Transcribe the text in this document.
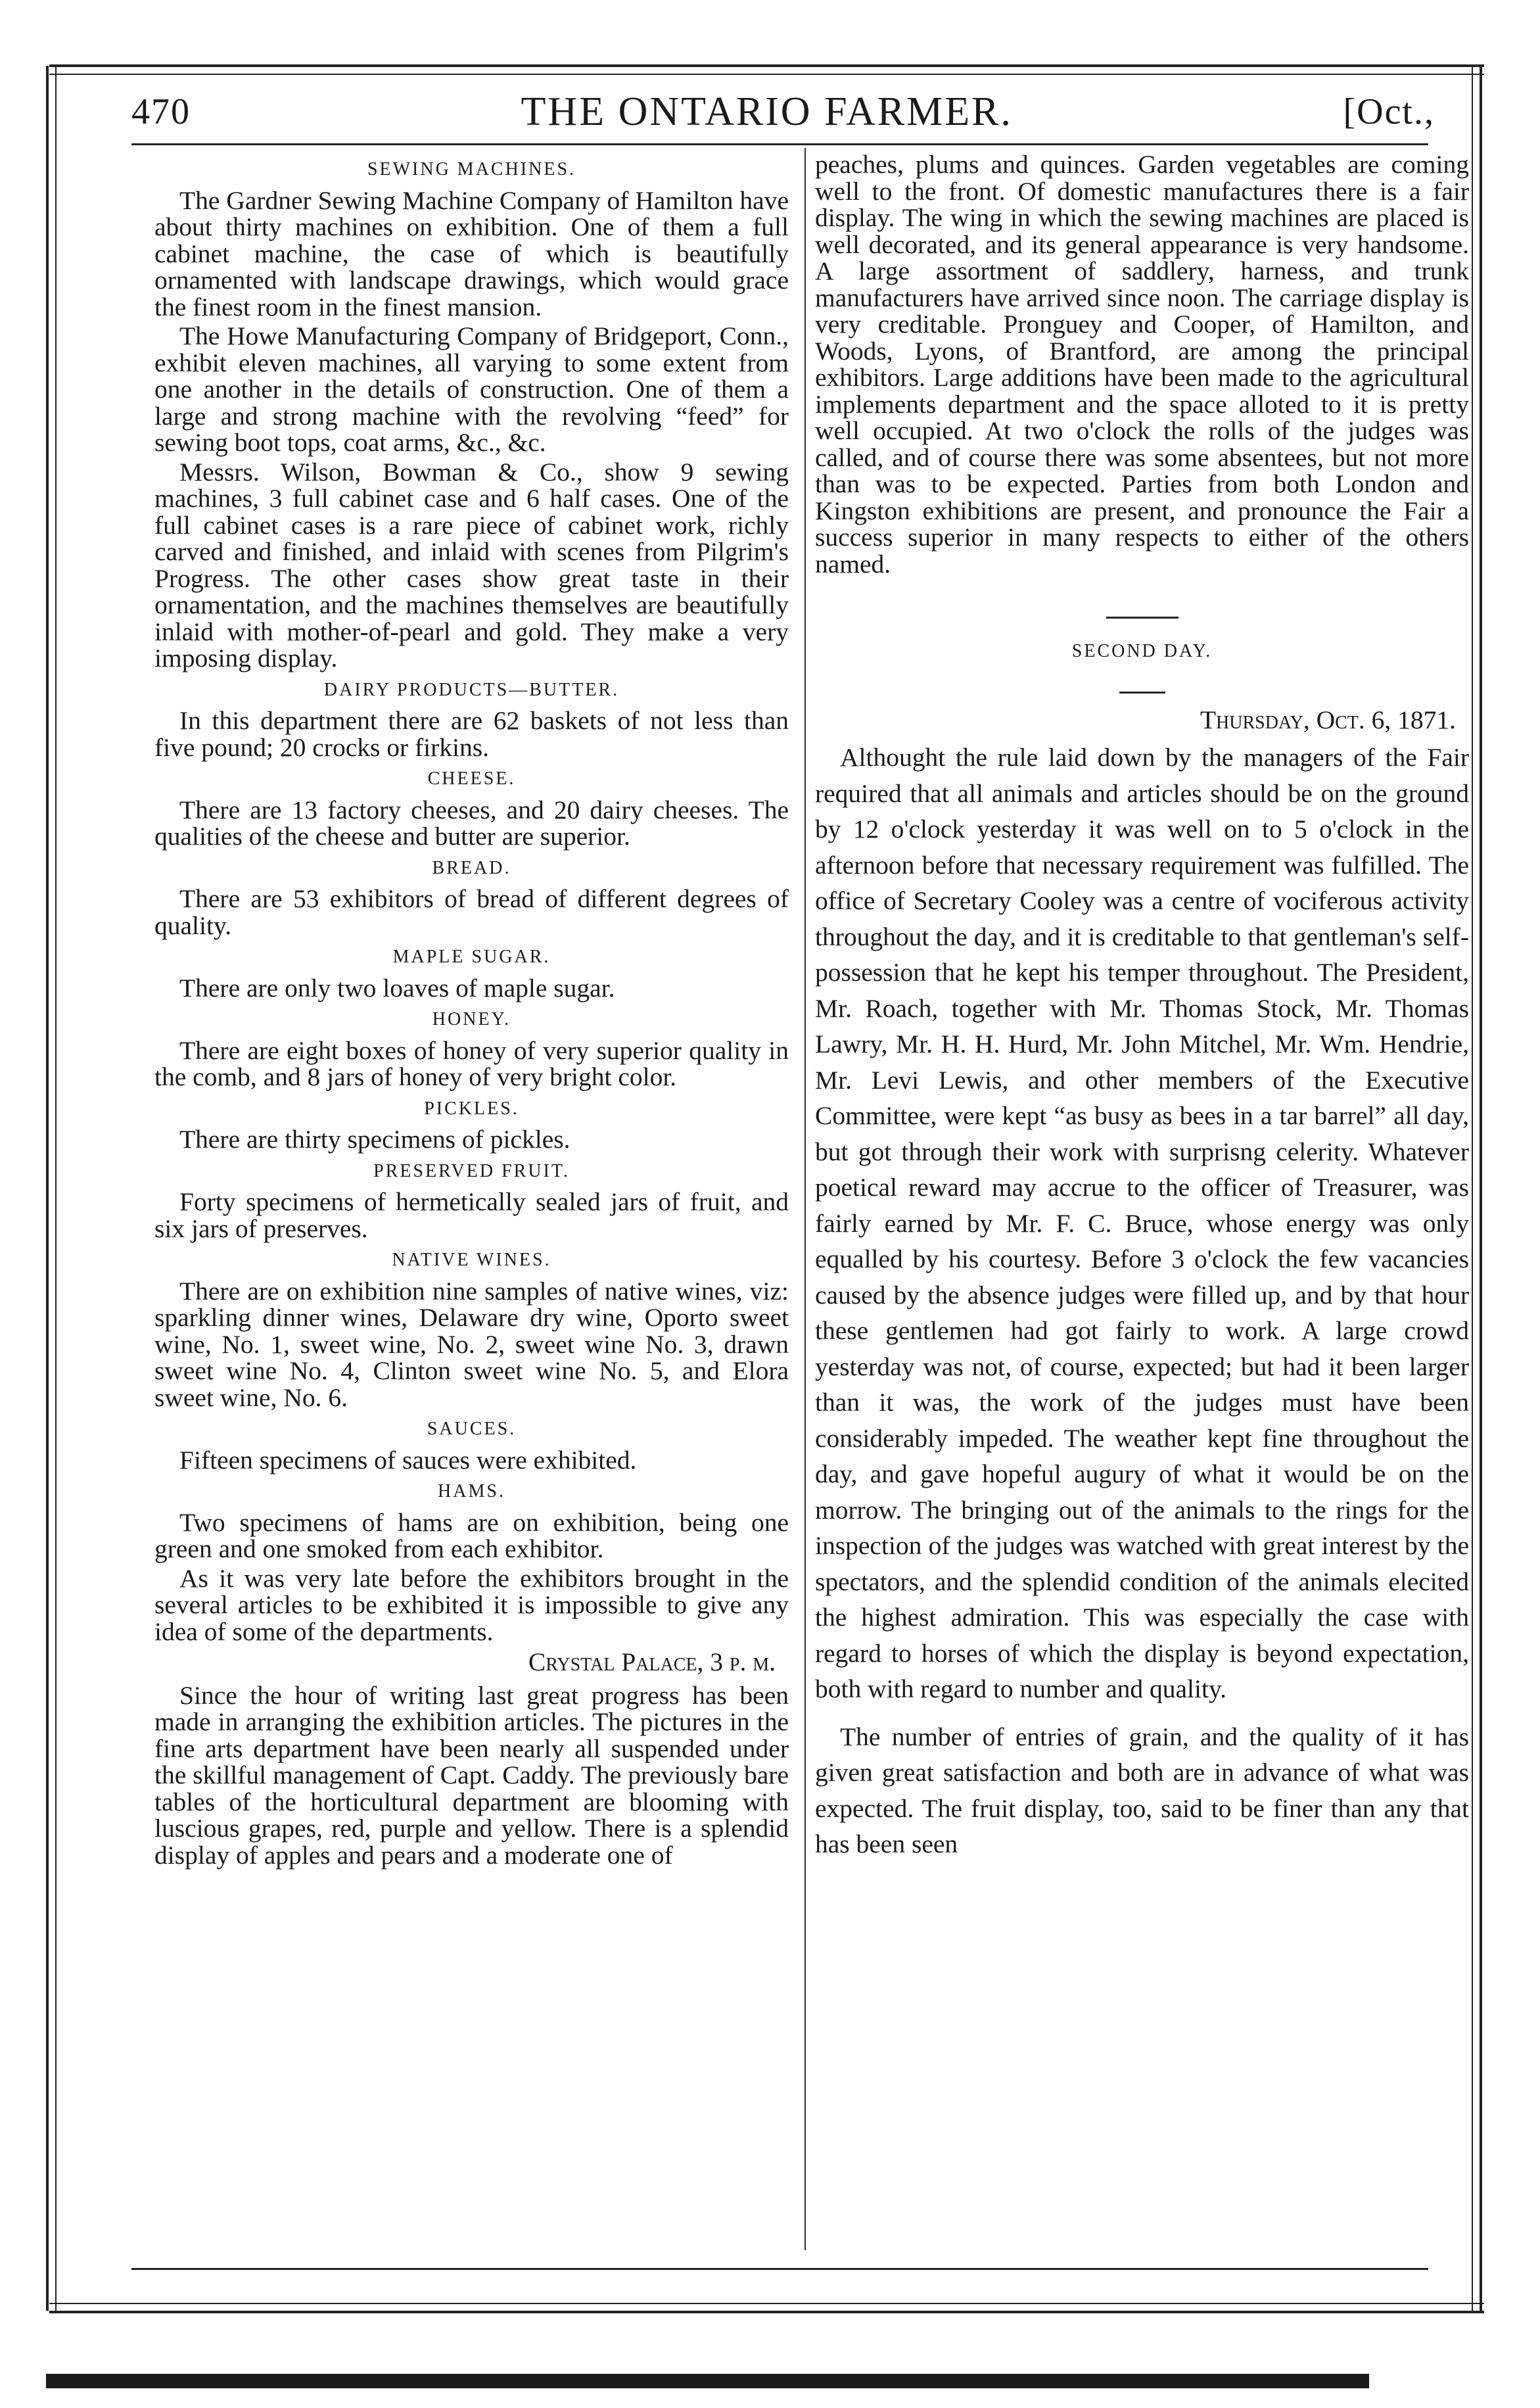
470	THE ONTARIO FARMER.	[Oct.,
SEWING MACHINES.

The Gardner Sewing Machine Company of Hamilton have about thirty machines on exhibition. One of them a full cabinet machine, the case of which is beautifully ornamented with landscape drawings, which would grace the finest room in the finest mansion.

The Howe Manufacturing Company of Bridgeport, Conn., exhibit eleven machines, all varying to some extent from one another in the details of construction. One of them a large and strong machine with the revolving “feed” for sewing boot tops, coat arms, &c., &c.

Messrs. Wilson, Bowman & Co., show 9 sewing machines, 3 full cabinet case and 6 half cases. One of the full cabinet cases is a rare piece of cabinet work, richly carved and finished, and inlaid with scenes from Pilgrim's Progress. The other cases show great taste in their ornamentation, and the machines themselves are beautifully inlaid with mother-of-pearl and gold. They make a very imposing display.

DAIRY PRODUCTS—BUTTER.

In this department there are 62 baskets of not less than five pound; 20 crocks or firkins.

CHEESE.

There are 13 factory cheeses, and 20 dairy cheeses. The qualities of the cheese and butter are superior.

BREAD.

There are 53 exhibitors of bread of different degrees of quality.

MAPLE SUGAR.

There are only two loaves of maple sugar.

HONEY.

There are eight boxes of honey of very superior quality in the comb, and 8 jars of honey of very bright color.

PICKLES.

There are thirty specimens of pickles.

PRESERVED FRUIT.

Forty specimens of hermetically sealed jars of fruit, and six jars of preserves.

NATIVE WINES.

There are on exhibition nine samples of native wines, viz: sparkling dinner wines, Delaware dry wine, Oporto sweet wine, No. 1, sweet wine, No. 2, sweet wine No. 3, drawn sweet wine No. 4, Clinton sweet wine No. 5, and Elora sweet wine, No. 6.

SAUCES.

Fifteen specimens of sauces were exhibited.

HAMS.

Two specimens of hams are on exhibition, being one green and one smoked from each exhibitor.

As it was very late before the exhibitors brought in the several articles to be exhibited it is impossible to give any idea of some of the departments.

Crystal Palace, 3 p. m.

Since the hour of writing last great progress has been made in arranging the exhibition articles. The pictures in the fine arts department have been nearly all suspended under the skillful management of Capt. Caddy. The previously bare tables of the horticultural department are blooming with luscious grapes, red, purple and yellow. There is a splendid display of apples and pears and a moderate one of

peaches, plums and quinces. Garden vegetables are coming well to the front. Of domestic manufactures there is a fair display. The wing in which the sewing machines are placed is well decorated, and its general appearance is very handsome. A large assortment of saddlery, harness, and trunk manufacturers have arrived since noon. The carriage display is very creditable. Pronguey and Cooper, of Hamilton, and Woods, Lyons, of Brantford, are among the principal exhibitors. Large additions have been made to the agricultural implements department and the space alloted to it is pretty well occupied. At two o'clock the rolls of the judges was called, and of course there was some absentees, but not more than was to be expected. Parties from both London and Kingston exhibitions are present, and pronounce the Fair a success superior in many respects to either of the others named.

SECOND DAY.
Thursday, Oct. 6, 1871.

Althought the rule laid down by the managers of the Fair required that all animals and articles should be on the ground by 12 o'clock yesterday it was well on to 5 o'clock in the afternoon before that necessary requirement was fulfilled. The office of Secretary Cooley was a centre of vociferous activity throughout the day, and it is creditable to that gentleman's self-possession that he kept his temper throughout. The President, Mr. Roach, together with Mr. Thomas Stock, Mr. Thomas Lawry, Mr. H. H. Hurd, Mr. John Mitchel, Mr. Wm. Hendrie, Mr. Levi Lewis, and other members of the Executive Committee, were kept “as busy as bees in a tar barrel” all day, but got through their work with surprisng celerity. Whatever poetical reward may accrue to the officer of Treasurer, was fairly earned by Mr. F. C. Bruce, whose energy was only equalled by his courtesy. Before 3 o'clock the few vacancies caused by the absence judges were filled up, and by that hour these gentlemen had got fairly to work. A large crowd yesterday was not, of course, expected; but had it been larger than it was, the work of the judges must have been considerably impeded. The weather kept fine throughout the day, and gave hopeful augury of what it would be on the morrow. The bringing out of the animals to the rings for the inspection of the judges was watched with great interest by the spectators, and the splendid condition of the animals elecited the highest admiration. This was especially the case with regard to horses of which the display is beyond expectation, both with regard to number and quality.

The number of entries of grain, and the quality of it has given great satisfaction and both are in advance of what was expected. The fruit display, too, said to be finer than any that has been seen
